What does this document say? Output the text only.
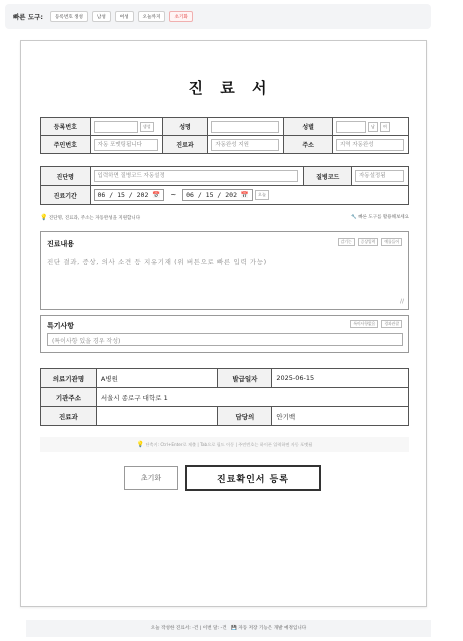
빠른 도구:	등록번호 생성	남성	여성	오늘까지	초기화
진 료 서
등록번호	생성	성명		성별	남 여
주민번호	자동 포맷팅됩니다	진료과	자동완성 지원	주소	지역 자동완성
진단명	입력하면 질병코드 자동설정	질병코드	자동설정됨
진료기간	06 / 15 / 202 📅 ~ 06 / 15 / 202 📅 오늘		
💡 진단명, 진료과, 주소는 자동완성을 지원합니다	🔧 빠른 도구를 활용해보세요
진료내용	감기는	증상입력	예를들어
진단 결과, 증상, 의사 소견 등 지유기재 (위 버튼으로 빠른 입력 가능)
∕∕
특기사항	특이사항없음	경과관찰
(특이사항 있을 경우 작성)
의료기관명	A병원	발급일자	2025-06-15
기관주소	서울시 종로구 대학로 1		
진료과		담당의	안기백
💡 단축키: Ctrl+Enter로 제출 | Tab으로 필드 이동 | 주민번호는 하이픈 입력하면 자동 포맷됨
초기화	진료확인서 등록
오늘 작성한 진료서: -건 | 이번 달: -건 💾 자동 저장 기능은 개발 예정입니다
